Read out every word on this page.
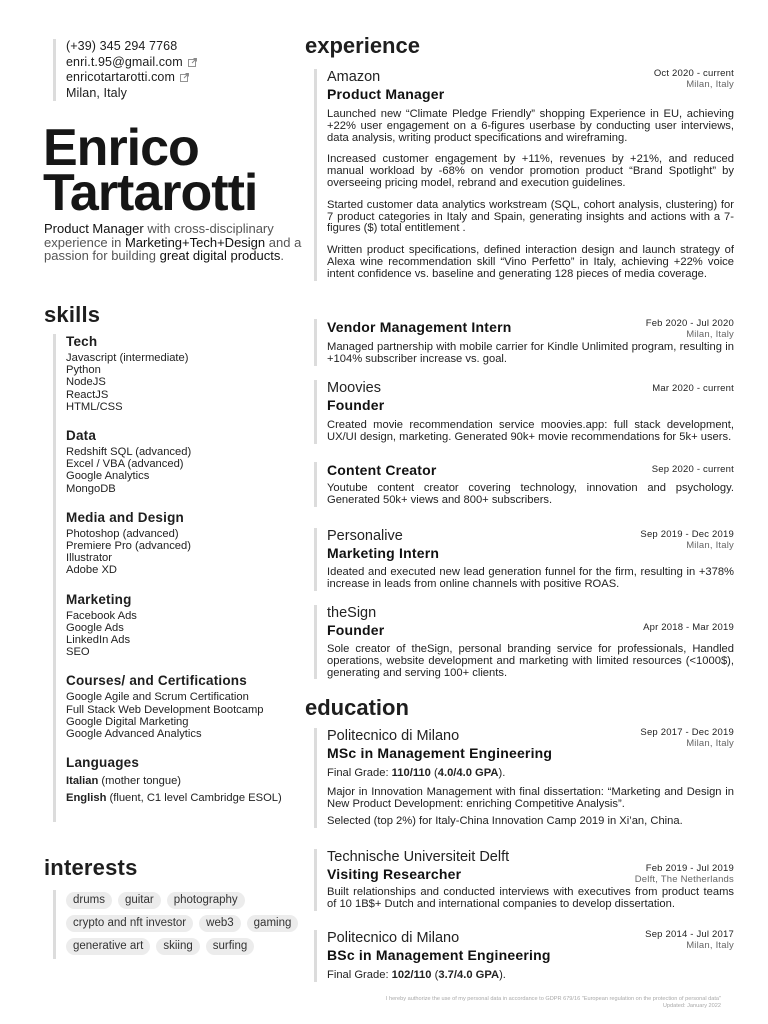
(+39) 345 294 7768
enri.t.95@gmail.com
enricotartarotti.com
Milan, Italy
Enrico
Tartarotti
Product Manager with cross-disciplinary experience in Marketing+Tech+Design and a passion for building great digital products.
skills
Tech
Javascript (intermediate)
Python
NodeJS
ReactJS
HTML/CSS
Data
Redshift SQL (advanced)
Excel / VBA (advanced)
Google Analytics
MongoDB
Media and Design
Photoshop (advanced)
Premiere Pro (advanced)
Illustrator
Adobe XD
Marketing
Facebook Ads
Google Ads
LinkedIn Ads
SEO
Courses/ and Certifications
Google Agile and Scrum Certification
Full Stack Web Development Bootcamp
Google Digital Marketing
Google Advanced Analytics
Languages
Italian (mother tongue)
English (fluent, C1 level Cambridge ESOL)
interests
drums	guitar	photography
crypto and nft investor	web3	gaming
generative art	skiing	surfing
experience
Amazon
Product Manager
Oct 2020 - current
Milan, Italy

Launched new “Climate Pledge Friendly” shopping Experience in EU, achieving +22% user engagement on a 6-figures userbase by conducting user interviews, data analysis, writing product specifications and wireframing.

Increased customer engagement by +11%, revenues by +21%, and reduced manual workload by -68% on vendor promotion product “Brand Spotlight” by overseeing pricing model, rebrand and execution guidelines.

Started customer data analytics workstream (SQL, cohort analysis, clustering) for 7 product categories in Italy and Spain, generating insights and actions with a 7-figures ($) total entitlement .

Written product specifications, defined interaction design and launch strategy of Alexa wine recommendation skill “Vino Perfetto” in Italy, achieving +22% voice intent confidence vs. baseline and generating 128 pieces of media coverage.

Vendor Management Intern	Feb 2020 - Jul 2020
Milan, Italy

Managed partnership with mobile carrier for Kindle Unlimited program, resulting in +104% subscriber increase vs. goal.

Moovies
Founder
Mar 2020 - current

Created movie recommendation service moovies.app: full stack development, UX/UI design, marketing. Generated 90k+ movie recommendations for 5k+ users.

Content Creator	Sep 2020 - current

Youtube content creator covering technology, innovation and psychology. Generated 50k+ views and 800+ subscribers.

Personalive
Marketing Intern
Sep 2019 - Dec 2019
Milan, Italy

Ideated and executed new lead generation funnel for the firm, resulting in +378% increase in leads from online channels with positive ROAS.

theSign
Founder	Apr 2018 - Mar 2019

Sole creator of theSign, personal branding service for professionals, Handled operations, website development and marketing with limited resources (<1000$), generating and serving 100+ clients.

education
Politecnico di Milano
MSc in Management Engineering
Sep 2017 - Dec 2019
Milan, Italy
Final Grade: 110/110 (4.0/4.0 GPA).
Major in Innovation Management with final dissertation: “Marketing and Design in New Product Development: enriching Competitive Analysis”.
Selected (top 2%) for Italy-China Innovation Camp 2019 in Xi’an, China.
Technische Universiteit Delft
Visiting Researcher	Feb 2019 - Jul 2019
Delft, The Netherlands
Built relationships and conducted interviews with executives from product teams of 10 1B$+ Dutch and international companies to develop dissertation.
Politecnico di Milano
BSc in Management Engineering
Sep 2014 - Jul 2017
Milan, Italy
Final Grade: 102/110 (3.7/4.0 GPA).
I hereby authorize the use of my personal data in accordance to GDPR 679/16 "European regulation on the protection of personal data"
Updated: January 2022
